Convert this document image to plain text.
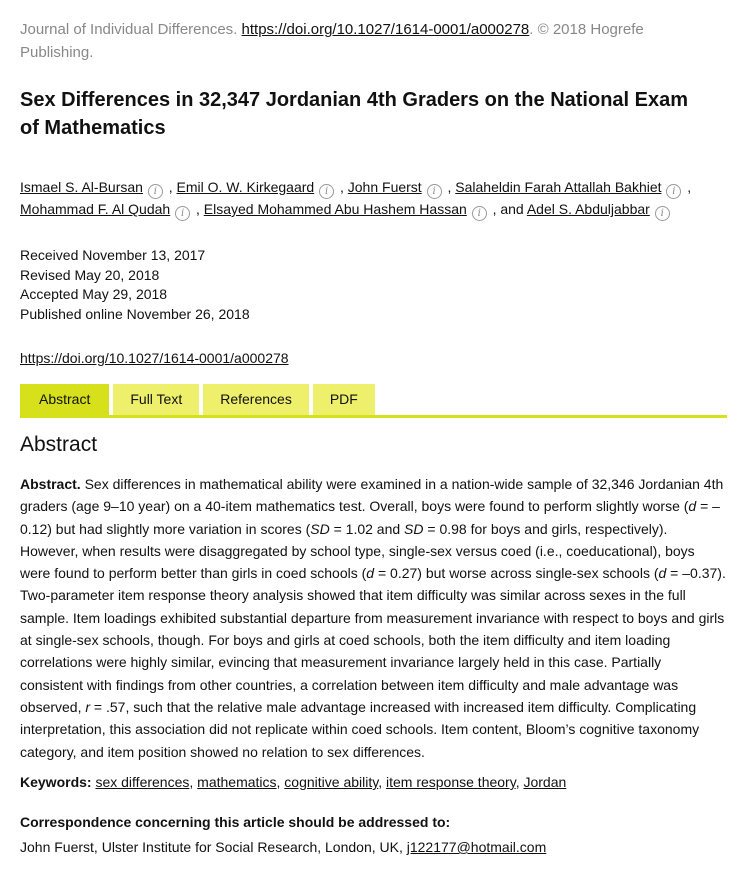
Journal of Individual Differences. https://doi.org/10.1027/1614-0001/a000278. © 2018 Hogrefe Publishing.
Sex Differences in 32,347 Jordanian 4th Graders on the National Exam of Mathematics
Ismael S. Al-Bursan i , Emil O. W. Kirkegaard i , John Fuerst i , Salaheldin Farah Attallah Bakhiet i ,
Mohammad F. Al Qudah i , Elsayed Mohammed Abu Hashem Hassan i , and Adel S. Abduljabbar i
Received November 13, 2017
Revised May 20, 2018
Accepted May 29, 2018
Published online November 26, 2018
https://doi.org/10.1027/1614-0001/a000278
Abstract	Full Text	References	PDF
Abstract

Abstract. Sex differences in mathematical ability were examined in a nation-wide sample of 32,346 Jordanian 4th graders (age 9–10 year) on a 40-item mathematics test. Overall, boys were found to perform slightly worse (d = –0.12) but had slightly more variation in scores (SD = 1.02 and SD = 0.98 for boys and girls, respectively). However, when results were disaggregated by school type, single-sex versus coed (i.e., coeducational), boys were found to perform better than girls in coed schools (d = 0.27) but worse across single-sex schools (d = –0.37). Two-parameter item response theory analysis showed that item difficulty was similar across sexes in the full sample. Item loadings exhibited substantial departure from measurement invariance with respect to boys and girls at single-sex schools, though. For boys and girls at coed schools, both the item difficulty and item loading correlations were highly similar, evincing that measurement invariance largely held in this case. Partially consistent with findings from other countries, a correlation between item difficulty and male advantage was observed, r = .57, such that the relative male advantage increased with increased item difficulty. Complicating interpretation, this association did not replicate within coed schools. Item content, Bloom’s cognitive taxonomy category, and item position showed no relation to sex differences.

Keywords: sex differences, mathematics, cognitive ability, item response theory, Jordan
Correspondence concerning this article should be addressed to:
John Fuerst, Ulster Institute for Social Research, London, UK, j122177@hotmail.com
